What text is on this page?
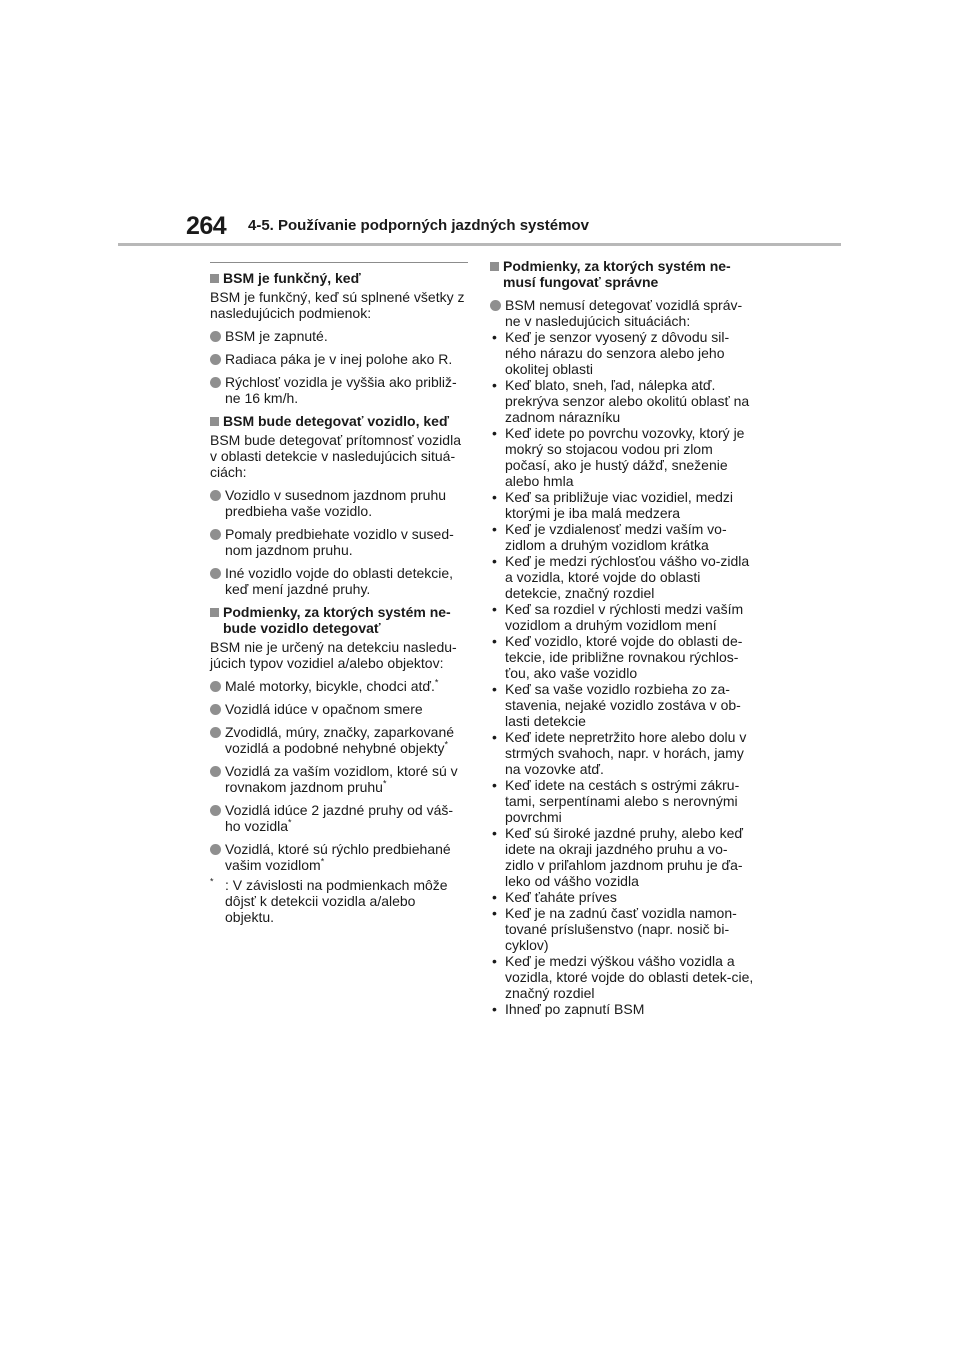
264 4-5. Používanie podporných jazdných systémov
BSM je funkčný, keď
BSM je funkčný, keď sú splnené všetky z nasledujúcich podmienok:
BSM je zapnuté.
Radiaca páka je v inej polohe ako R.
Rýchlosť vozidla je vyššia ako približ-ne 16 km/h.
BSM bude detegovať vozidlo, keď
BSM bude detegovať prítomnosť vozidla v oblasti detekcie v nasledujúcich situá-ciách:
Vozidlo v susednom jazdnom pruhu predbieha vaše vozidlo.
Pomaly predbiehate vozidlo v sused-nom jazdnom pruhu.
Iné vozidlo vojde do oblasti detekcie, keď mení jazdné pruhy.
Podmienky, za ktorých systém ne-bude vozidlo detegovať
BSM nie je určený na detekciu nasledu-júcich typov vozidiel a/alebo objektov:
Malé motorky, bicykle, chodci atď.*
Vozidlá idúce v opačnom smere
Zvodidlá, múry, značky, zaparkované vozidlá a podobné nehybné objekty*
Vozidlá za vaším vozidlom, ktoré sú v rovnakom jazdnom pruhu*
Vozidlá idúce 2 jazdné pruhy od váš-ho vozidla*
Vozidlá, ktoré sú rýchlo predbiehané vašim vozidlom*
* : V závislosti na podmienkach môže dôjsť k detekcii vozidla a/alebo objektu.
Podmienky, za ktorých systém ne-musí fungovať správne
BSM nemusí detegovať vozidlá správ-ne v nasledujúcich situáciách:
• Keď je senzor vyosený z dôvodu sil-ného nárazu do senzora alebo jeho okolitej oblasti
• Keď blato, sneh, ľad, nálepka atď. prekrýva senzor alebo okolitú oblasť na zadnom nárazníku
• Keď idete po povrchu vozovky, ktorý je mokrý so stojacou vodou pri zlom počasí, ako je hustý dážď, sneženie alebo hmla
• Keď sa približuje viac vozidiel, medzi ktorými je iba malá medzera
• Keď je vzdialenosť medzi vaším vo-zidlom a druhým vozidlom krátka
• Keď je medzi rýchlosťou vášho vo-zidla a vozidla, ktoré vojde do oblasti detekcie, značný rozdiel
• Keď sa rozdiel v rýchlosti medzi vaším vozidlom a druhým vozidlom mení
• Keď vozidlo, ktoré vojde do oblasti de-tekcie, ide približne rovnakou rýchlos-ťou, ako vaše vozidlo
• Keď sa vaše vozidlo rozbieha zo za-stavenia, nejaké vozidlo zostáva v ob-lasti detekcie
• Keď idete nepretržito hore alebo dolu v strmých svahoch, napr. v horách, jamy na vozovke atď.
• Keď idete na cestách s ostrými zákru-tami, serpentínami alebo s nerovnými povrchmi
• Keď sú široké jazdné pruhy, alebo keď idete na okraji jazdného pruhu a vo-zidlo v priľahlom jazdnom pruhu je ďa-leko od vášho vozidla
• Keď ťaháte príves
• Keď je na zadnú časť vozidla namon-tované príslušenstvo (napr. nosič bi-cyklov)
• Keď je medzi výškou vášho vozidla a vozidla, ktoré vojde do oblasti detek-cie, značný rozdiel
• Ihneď po zapnutí BSM
